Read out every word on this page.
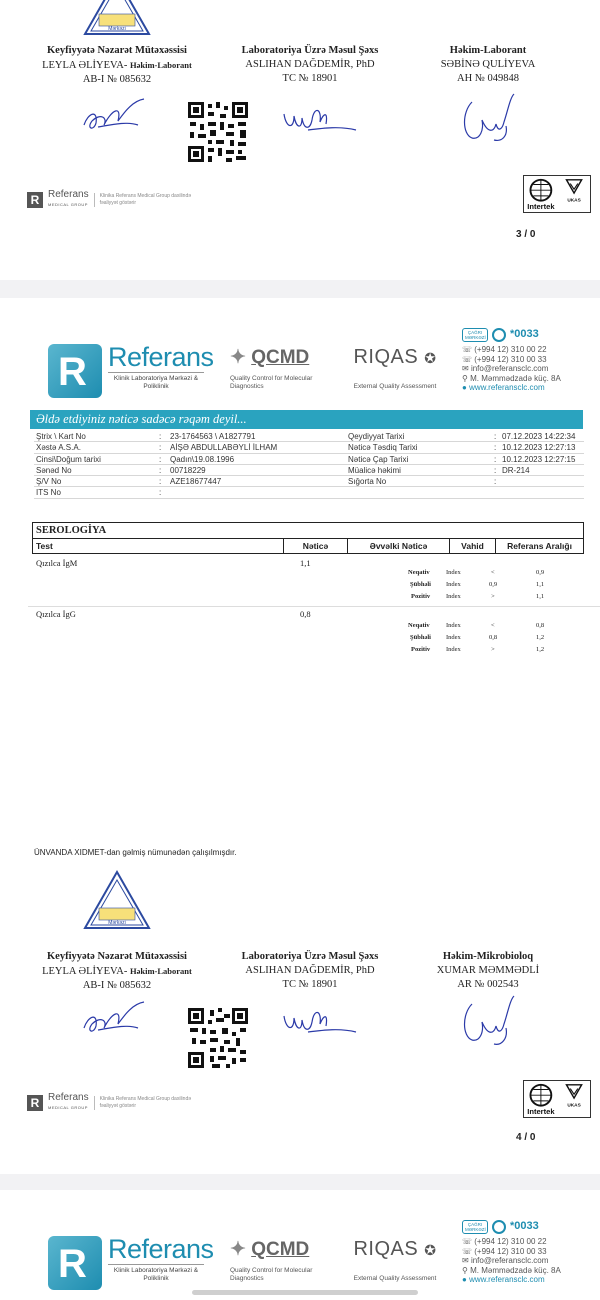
Mərkəzi
Keyfiyyətə Nəzarət Mütəxəssisi
LEYLA ƏLİYEVA- Həkim-Laborant
AB-I № 085632
Laboratoriya Üzrə Məsul Şəxs
ASLIHAN DAĞDEMİR, PhD
TC № 18901
Həkim-Laborant
SƏBİNƏ QULİYEVA
AH № 049848
R Referans
MEDICAL GROUP
Klinika Referans Medical Group daxilində fəaliyyət göstərir	UKAS
Intertek
3 / 0
R Referans
Klinik Laboratoriya Mərkəzi & Poliklinik
✦ QCMD
Quality Control for Molecular Diagnostics
RIQAS ✪
External Quality Assessment
ÇAĞRI MƏRKƏZİ *0033
☏ (+994 12) 310 00 22
☏ (+994 12) 310 00 33
✉ info@referansclc.com
⚲ M. Məmmədzadə küç. 8A
● www.referansclc.com
Əldə etdiyiniz nəticə sadəcə rəqəm deyil...
Ştrix \ Kart No	: 23-1764563 \ A1827791	Qeydiyyat Tarixi	: 07.12.2023 14:22:34
Xəstə A.S.A.	: AİŞƏ ABDULLABƏYLİ İLHAM	Nəticə Təsdiq Tarixi	: 10.12.2023 12:27:13
Cinsi\Doğum tarixi	: Qadın\19.08.1996	Nəticə Çap Tarixi	: 10.12.2023 12:27:15
Sənəd No	: 00718229	Müalicə həkimi	: DR-214
Ş/V No	: AZE18677447	Sığorta No	:
ITS No	:
SEROLOGİYA
Test	Nəticə	Əvvəlki Nəticə	Vahid	Referans Aralığı
Qızılca İgM	1,1
Neqativ	Index	<	0,9
Şübhəli Index	0,9	1,1
Pozitiv Index	>	1,1
Qızılca İgG	0,8
Neqativ	Index	<	0,8
Şübhəli Index	0,8	1,2
Pozitiv Index	>	1,2
ÜNVANDA XIDMET-dan gəlmiş nümunədən çalışılmışdır.
Mərkəzi
Keyfiyyətə Nəzarət Mütəxəssisi
LEYLA ƏLİYEVA- Həkim-Laborant
AB-I № 085632
Laboratoriya Üzrə Məsul Şəxs
ASLIHAN DAĞDEMİR, PhD
TC № 18901
Həkim-Mikrobioloq
XUMAR MƏMMƏDLİ
AR № 002543
R Referans
MEDICAL GROUP
Klinika Referans Medical Group daxilində fəaliyyət göstərir	UKAS
Intertek
4 / 0
R Referans
Klinik Laboratoriya Mərkəzi & Poliklinik
✦ QCMD
Quality Control for Molecular Diagnostics
RIQAS ✪
External Quality Assessment
ÇAĞRI MƏRKƏZİ *0033
☏ (+994 12) 310 00 22
☏ (+994 12) 310 00 33
✉ info@referansclc.com
⚲ M. Məmmədzadə küç. 8A
● www.referansclc.com
